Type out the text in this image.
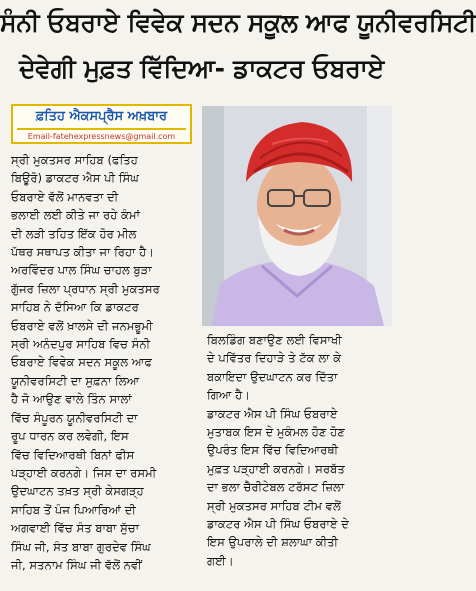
ਸੰਨੀ ਓਬਰਾਏ ਵਿਵੇਕ ਸਦਨ ਸਕੂਲ ਆਫ ਯੂਨੀਵਰਸਿਟੀ
ਦੇਵੇਗੀ ਮੁਫ਼ਤ ਵਿੱਦਿਆ- ਡਾਕਟਰ ਓਬਰਾਏ
ਫ਼ਤਿਹ ਐਕਸਪ੍ਰੈਸ ਅਖ਼ਬਾਰ
Email-fatehexpressnews@gmail.com
ਸ੍ਰੀ ਮੁਕਤਸਰ ਸਾਹਿਬ (ਫਤਿਹ
ਬਿਊਰੋ) ਡਾਕਟਰ ਐਸ ਪੀ ਸਿੰਘ
ਓਬਰਾਏ ਵੱਲੋਂ ਮਾਨਵਤਾ ਦੀ
ਭਲਾਈ ਲਈ ਕੀਤੇ ਜਾ ਰਹੇ ਕੰਮਾਂ
ਦੀ ਲੜੀ ਤਹਿਤ ਇੱਕ ਹੋਰ ਮੀਲ
ਪੱਥਰ ਸਥਾਪਤ ਕੀਤਾ ਜਾ ਰਿਹਾ ਹੈ।
ਅਰਵਿੰਦਰ ਪਾਲ ਸਿੰਘ ਚਾਹਲ ਬੁੜਾ
ਗੁੱਜਰ ਜ਼ਿਲਾ ਪ੍ਰਧਾਨ ਸ੍ਰੀ ਮੁਕਤਸਰ
ਸਾਹਿਬ ਨੇ ਦੱਸਿਆ ਕਿ ਡਾਕਟਰ
ਓਬਰਾਏ ਵਲੋਂ ਖ਼ਾਲਸੇ ਦੀ ਜਨਮਭੂਮੀ
ਸ੍ਰੀ ਅਨੰਦਪੁਰ ਸਾਹਿਬ ਵਿਚ ਸੰਨੀ
ਓਬਰਾਏ ਵਿਵੇਕ ਸਦਨ ਸਕੂਲ ਆਫ
ਯੂਨੀਵਰਸਿਟੀ ਦਾ ਸੁਫ਼ਨਾ ਲਿਆ
ਹੈ ਜੋ ਆਉਣ ਵਾਲੇ ਤਿੰਨ ਸਾਲਾਂ
ਵਿੱਚ ਸੰਪੂਰਨ ਯੂਨੀਵਰਸਿਟੀ ਦਾ
ਰੂਪ ਧਾਰਨ ਕਰ ਲਵੇਗੀ, ਇਸ
ਵਿੱਚ ਵਿਦਿਆਰਥੀ ਬਿਨਾਂ ਫੀਸ
ਪੜ੍ਹਾਈ ਕਰਨਗੇ। ਜਿਸ ਦਾ ਰਸਮੀ
ਉਦਘਾਟਨ ਤਖ਼ਤ ਸ੍ਰੀ ਕੇਸਗੜ੍ਹ
ਸਾਹਿਬ ਤੋਂ ਪੰਜ ਪਿਆਰਿਆਂ ਦੀ
ਅਗਵਾਈ ਵਿੱਚ ਸੰਤ ਬਾਬਾ ਸੁੱਚਾ
ਸਿੰਘ ਜੀ, ਸੰਤ ਬਾਬਾ ਗੁਰਦੇਵ ਸਿੰਘ
ਜੀ, ਸਤਨਾਮ ਸਿੰਘ ਜੀ ਵੱਲੋਂ ਨਵੀਂ
ਬਿਲਡਿੰਗ ਬਣਾਉਣ ਲਈ ਵਿਸਾਖੀ
ਦੇ ਪਵਿੱਤਰ ਦਿਹਾੜੇ ਤੇ ਟੱਕ ਲਾ ਕੇ
ਬਕਾਇਦਾ ਉਦਘਾਟਨ ਕਰ ਦਿੱਤਾ
ਗਿਆ ਹੈ।
ਡਾਕਟਰ ਐਸ ਪੀ ਸਿੰਘ ਓਬਰਾਏ
ਮੁਤਾਬਕ ਇਸ ਦੇ ਮੁਕੰਮਲ ਹੋਣ ਹੋਣ
ਉਪਰੰਤ ਇਸ ਵਿੱਚ ਵਿਦਿਆਰਥੀ
ਮੁਫ਼ਤ ਪੜ੍ਹਾਈ ਕਰਨਗੇ। ਸਰਬੱਤ
ਦਾ ਭਲਾ ਚੈਰੀਟੇਬਲ ਟਰੱਸਟ ਜ਼ਿਲਾ
ਸ੍ਰੀ ਮੁਕਤਸਰ ਸਾਹਿਬ ਟੀਮ ਵਲੋਂ
ਡਾਕਟਰ ਐਸ ਪੀ ਸਿੰਘ ਓਬਰਾਏ ਦੇ
ਇਸ ਉਪਰਾਲੇ ਦੀ ਸ਼ਲਾਘਾ ਕੀਤੀ
ਗਈ।
